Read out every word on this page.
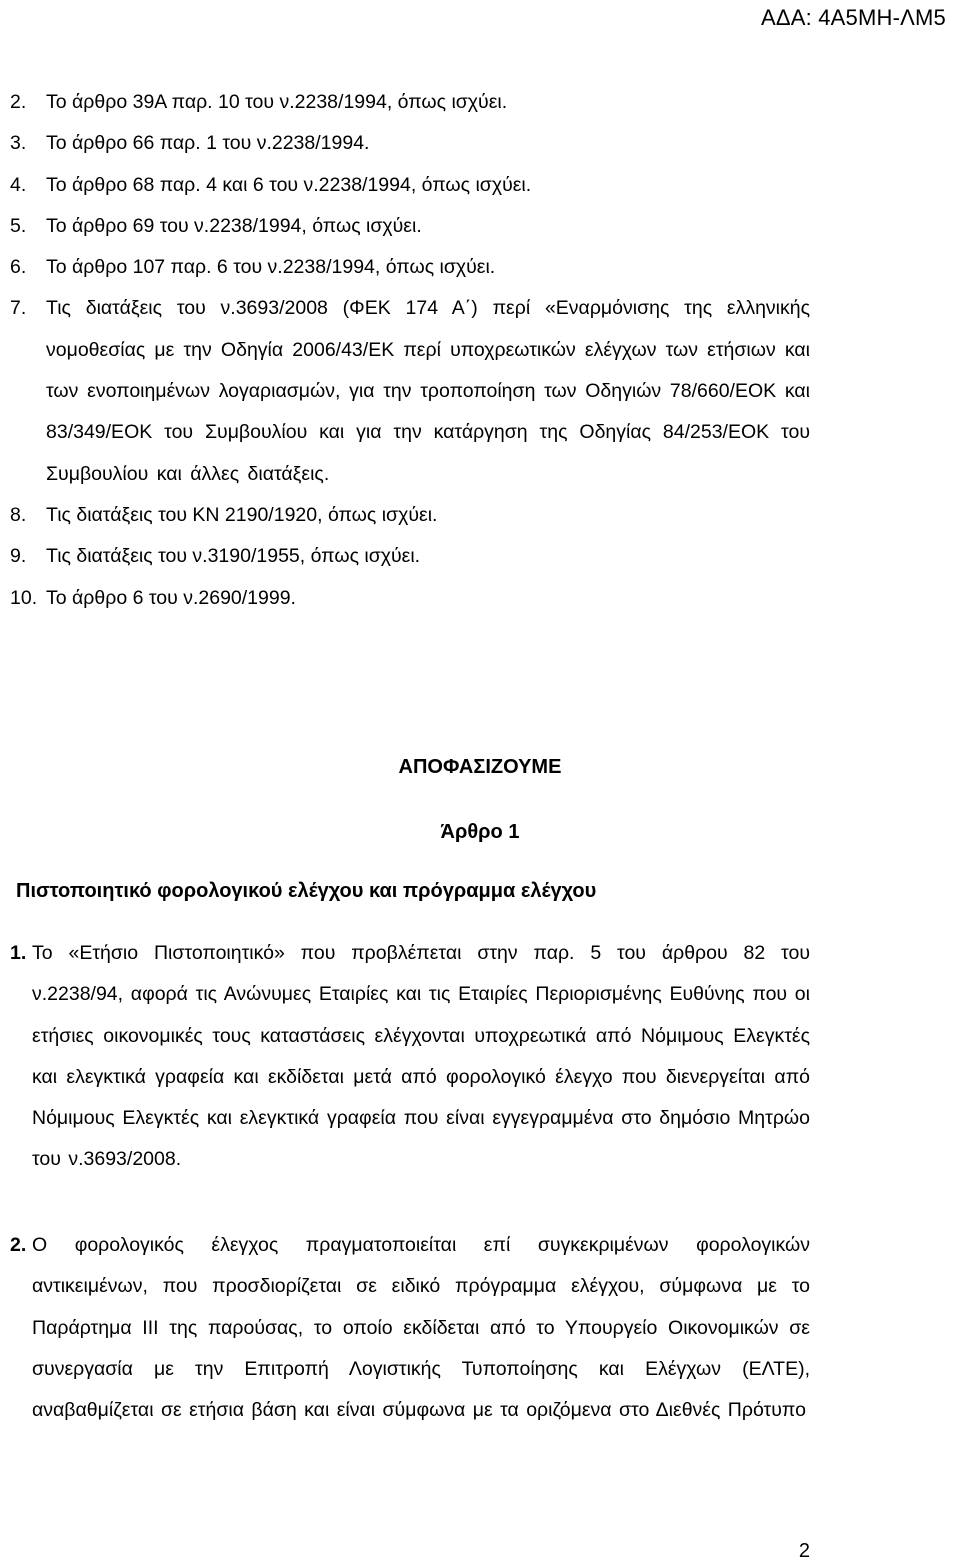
ΑΔΑ: 4Α5ΜΗ-ΛΜ5
2.	Το άρθρο 39Α παρ. 10 του ν.2238/1994, όπως ισχύει.
3.	Το άρθρο 66 παρ. 1 του ν.2238/1994.
4.	Το άρθρο 68 παρ. 4 και 6 του ν.2238/1994, όπως ισχύει.
5.	Το άρθρο 69 του ν.2238/1994, όπως ισχύει.
6.	Το άρθρο 107 παρ. 6 του ν.2238/1994, όπως ισχύει.
7.	Τις διατάξεις του ν.3693/2008 (ΦΕΚ 174 Α΄) περί «Εναρμόνισης της ελληνικής νομοθεσίας με την Οδηγία 2006/43/ΕΚ περί υποχρεωτικών ελέγχων των ετήσιων και των ενοποιημένων λογαριασμών, για την τροποποίηση των Οδηγιών 78/660/ΕΟΚ και 83/349/ΕΟΚ του Συμβουλίου και για την κατάργηση της Οδηγίας 84/253/ΕΟΚ του Συμβουλίου και άλλες διατάξεις.
8.	Τις διατάξεις του ΚΝ 2190/1920, όπως ισχύει.
9.	Τις διατάξεις του ν.3190/1955, όπως ισχύει.
10. Το άρθρο 6 του ν.2690/1999.
ΑΠΟΦΑΣΙΖΟΥΜΕ
Άρθρο 1
Πιστοποιητικό φορολογικού ελέγχου και πρόγραμμα ελέγχου
1. Το «Ετήσιο Πιστοποιητικό» που προβλέπεται στην παρ. 5 του άρθρου 82 του ν.2238/94, αφορά τις Ανώνυμες Εταιρίες και τις Εταιρίες Περιορισμένης Ευθύνης που οι ετήσιες οικονομικές τους καταστάσεις ελέγχονται υποχρεωτικά από Νόμιμους Ελεγκτές και ελεγκτικά γραφεία και εκδίδεται μετά από φορολογικό έλεγχο που διενεργείται από Νόμιμους Ελεγκτές και ελεγκτικά γραφεία που είναι εγγεγραμμένα στο δημόσιο Μητρώο του ν.3693/2008.
2. Ο φορολογικός έλεγχος πραγματοποιείται επί συγκεκριμένων φορολογικών αντικειμένων, που προσδιορίζεται σε ειδικό πρόγραμμα ελέγχου, σύμφωνα με το Παράρτημα ΙΙΙ της παρούσας, το οποίο εκδίδεται από το Υπουργείο Οικονομικών σε συνεργασία με την Επιτροπή Λογιστικής Τυποποίησης και Ελέγχων (ΕΛΤΕ), αναβαθμίζεται σε ετήσια βάση και είναι σύμφωνα με τα οριζόμενα στο Διεθνές Πρότυπο
2
